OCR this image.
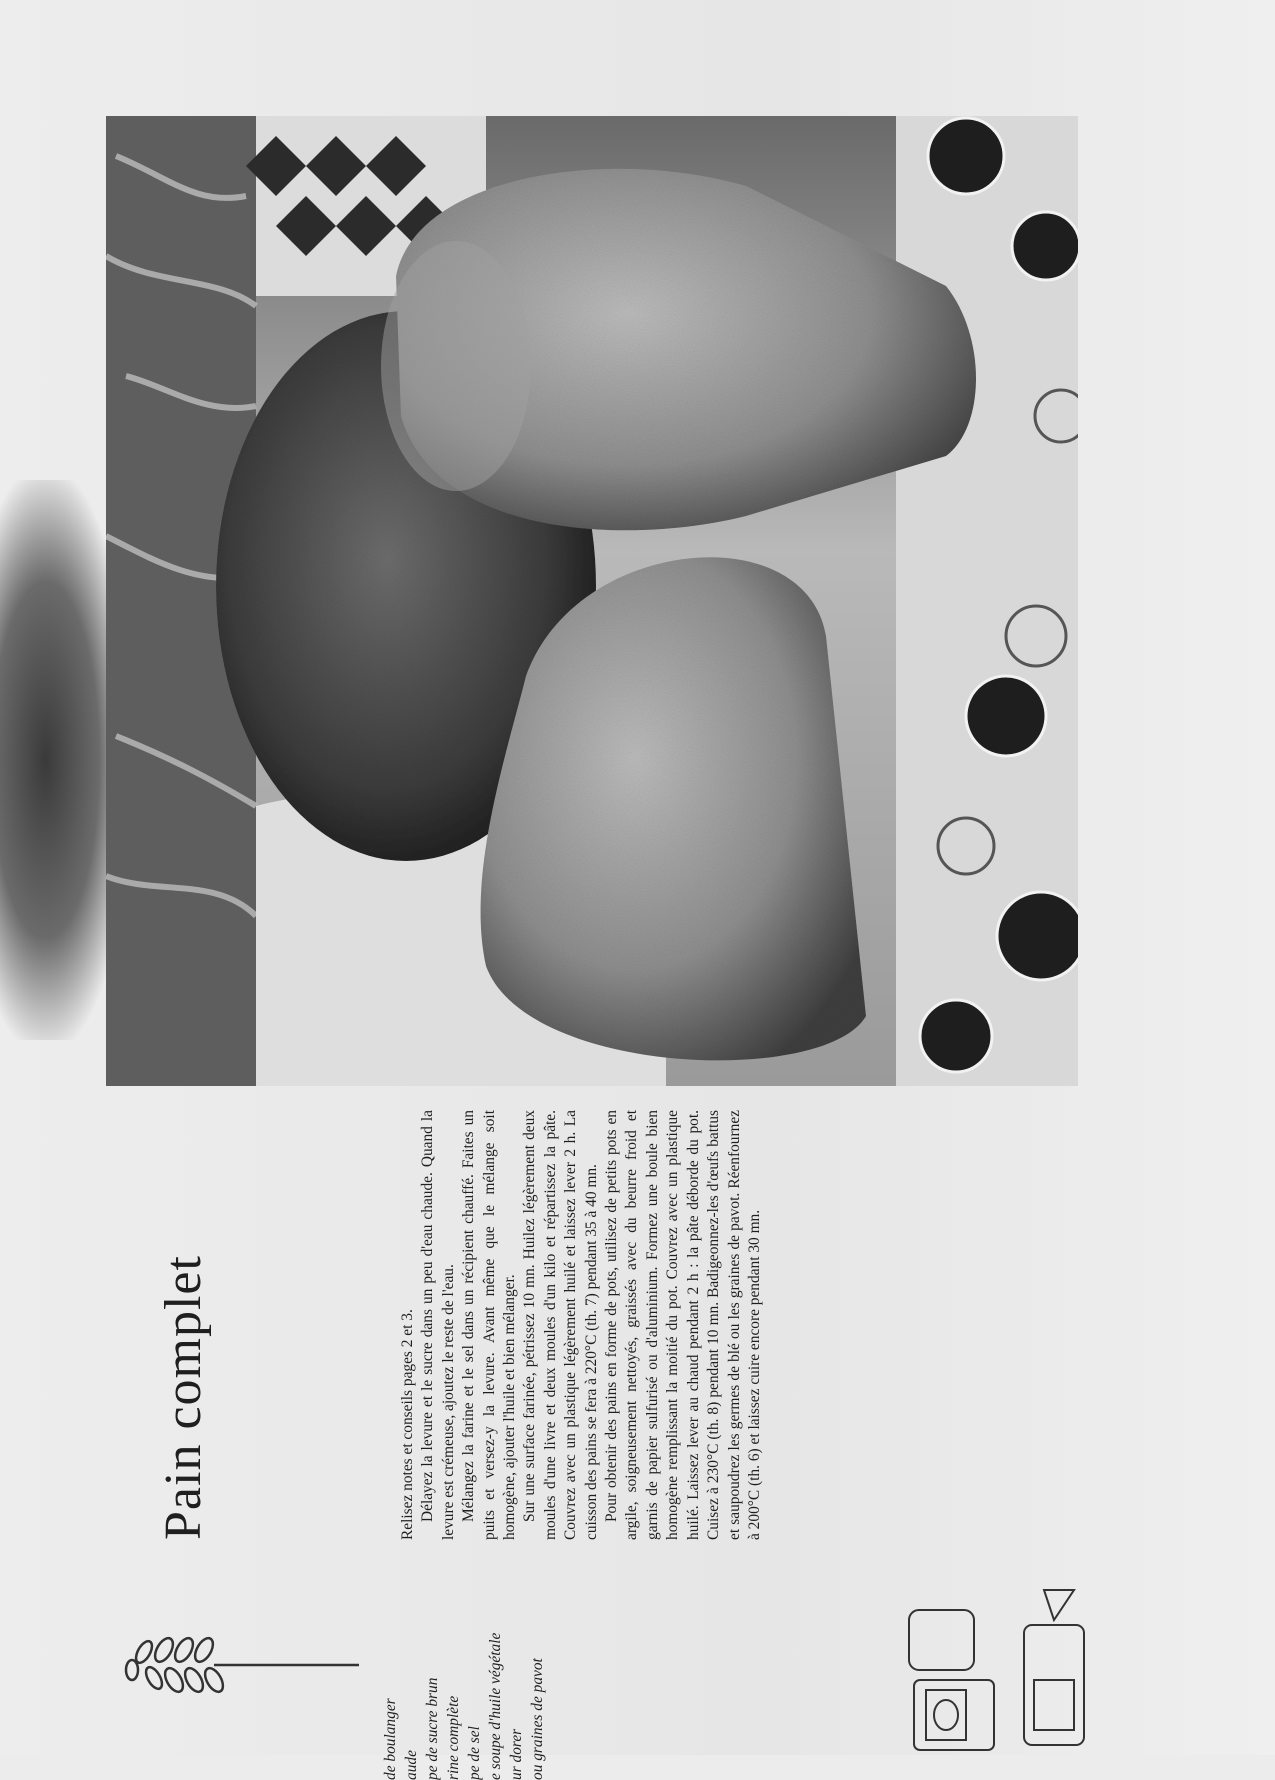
Pain complet
de boulanger aude pe de sucre brun rine complète pe de sel e soupe d'huile végétale ur dorer ou graines de pavot

Relisez notes et conseils pages 2 et 3. Délayez la levure et le sucre dans un peu d'eau chaude. Quand la levure est crémeuse, ajoutez le reste de l'eau. Mélangez la farine et le sel dans un récipient chauffé. Faites un puits et versez-y la levure. Avant même que le mélange soit homogène, ajouter l'huile et bien mélanger. Sur une surface farinée, pétrissez 10 mn. Huilez légèrement deux moules d'une livre et deux moules d'un kilo et répartissez la pâte. Couvrez avec un plastique légèrement huilé et laissez lever 2 h. La cuisson des pains se fera à 220°C (th. 7) pendant 35 à 40 mn. Pour obtenir des pains en forme de pots, utilisez de petits pots en argile, soigneusement nettoyés, graissés avec du beurre froid et garnis de papier sulfurisé ou d'aluminium. Formez une boule bien homogène remplissant la moitié du pot. Couvrez avec un plastique huilé. Laissez lever au chaud pendant 2 h : la pâte déborde du pot. Cuisez à 230°C (th. 8) pendant 10 mn. Badigeonnez-les d'œufs battus et saupoudrez les germes de blé ou les graines de pavot. Réenfournez à 200°C (th. 6) et laissez cuire encore pendant 30 mn.
